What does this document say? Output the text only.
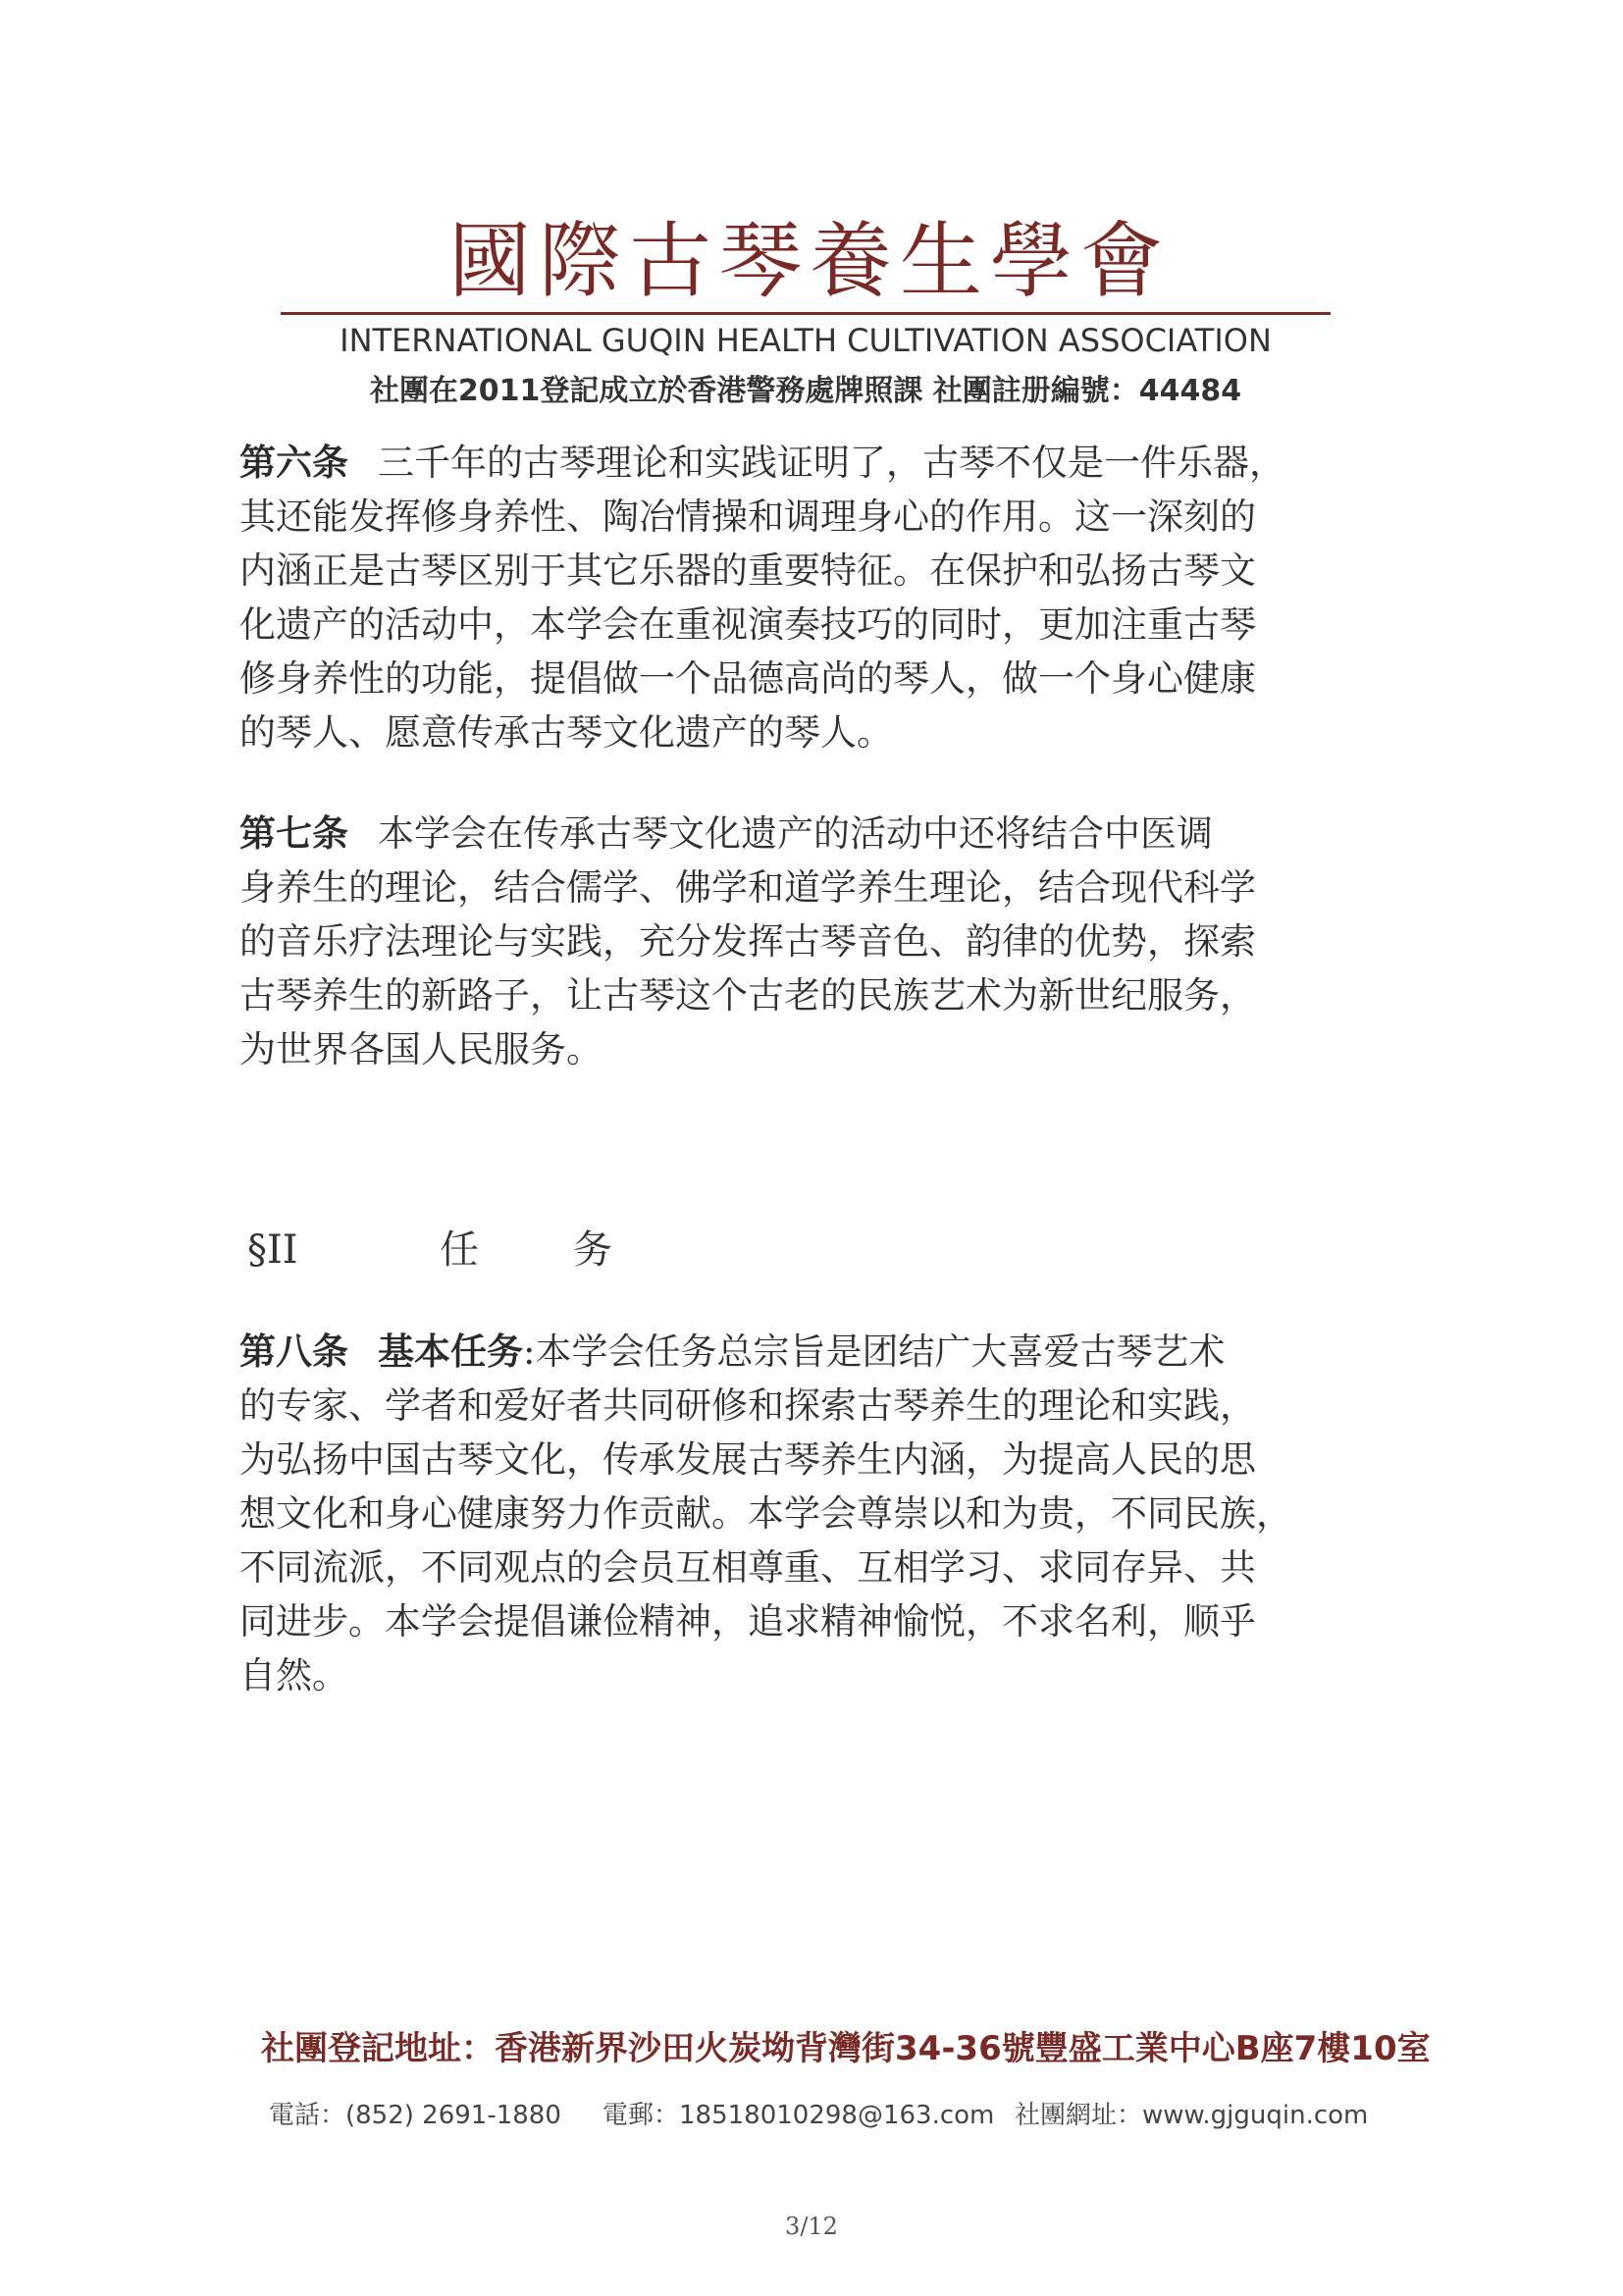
國際古琴養生學會
INTERNATIONAL GUQIN HEALTH CULTIVATION ASSOCIATION
社團在2011登記成立於香港警務處牌照課 社團註册編號：44484
第六条 三千年的古琴理论和实践证明了，古琴不仅是一件乐器，
其还能发挥修身养性、陶冶情操和调理身心的作用。这一深刻的
内涵正是古琴区别于其它乐器的重要特征。在保护和弘扬古琴文
化遗产的活动中，本学会在重视演奏技巧的同时，更加注重古琴
修身养性的功能，提倡做一个品德高尚的琴人，做一个身心健康
的琴人、愿意传承古琴文化遗产的琴人。
第七条 本学会在传承古琴文化遗产的活动中还将结合中医调
身养生的理论，结合儒学、佛学和道学养生理论，结合现代科学
的音乐疗法理论与实践，充分发挥古琴音色、韵律的优势，探索
古琴养生的新路子，让古琴这个古老的民族艺术为新世纪服务，
为世界各国人民服务。
§II	任 务
第八条 基本任务:本学会任务总宗旨是团结广大喜爱古琴艺术
的专家、学者和爱好者共同研修和探索古琴养生的理论和实践，
为弘扬中国古琴文化，传承发展古琴养生内涵，为提高人民的思
想文化和身心健康努力作贡献。本学会尊崇以和为贵，不同民族，
不同流派，不同观点的会员互相尊重、互相学习、求同存异、共
同进步。本学会提倡谦俭精神，追求精神愉悦，不求名利，顺乎
自然。
社團登記地址：香港新界沙田火炭坳背灣街34-36號豐盛工業中心B座7樓10室
電話：(852) 2691-1880 電郵：18518010298@163.com 社團網址：www.gjguqin.com
3/12
